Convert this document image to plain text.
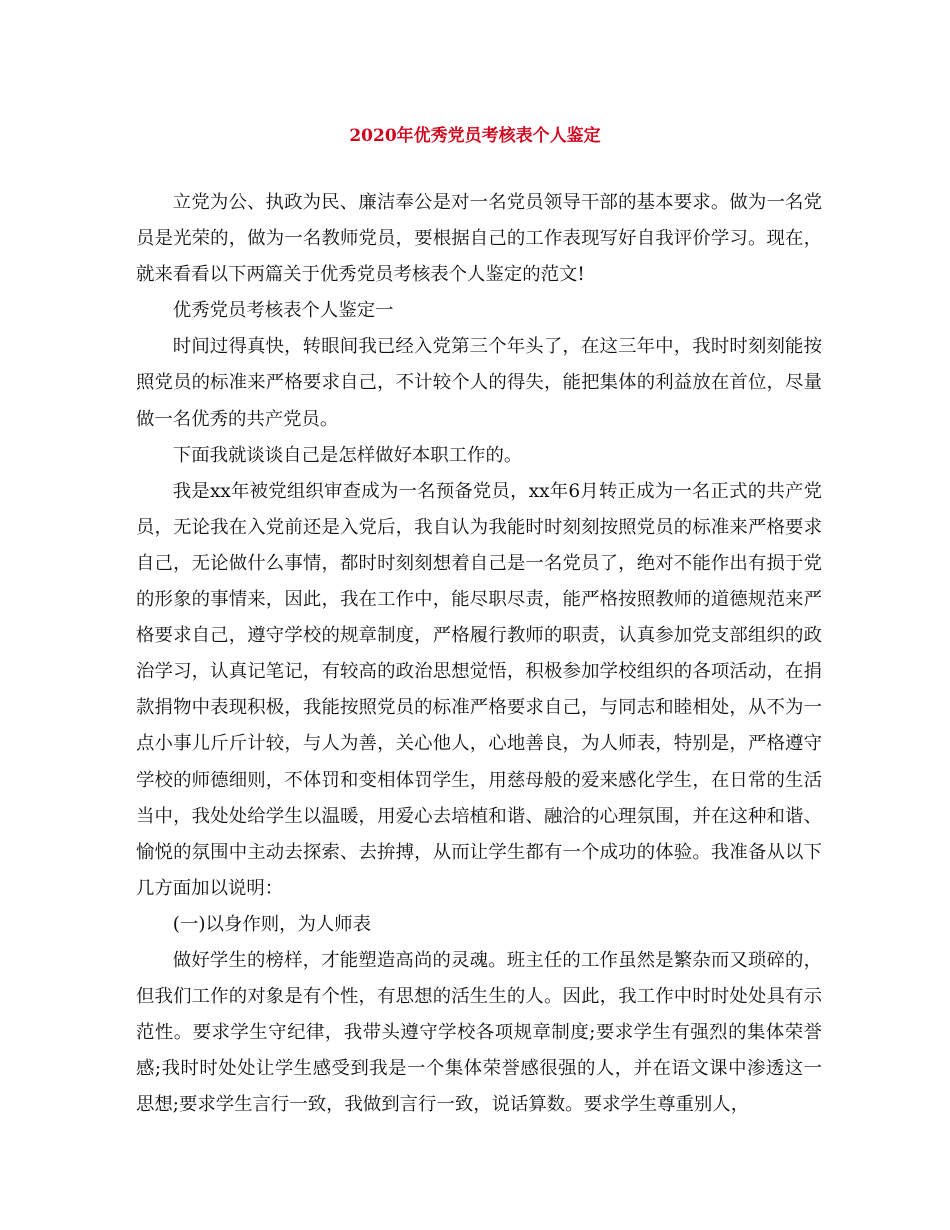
2020年优秀党员考核表个人鉴定

立党为公、执政为民、廉洁奉公是对一名党员领导干部的基本要求。做为一名党员是光荣的，做为一名教师党员，要根据自己的工作表现写好自我评价学习。现在，就来看看以下两篇关于优秀党员考核表个人鉴定的范文!

优秀党员考核表个人鉴定一

时间过得真快，转眼间我已经入党第三个年头了，在这三年中，我时时刻刻能按照党员的标准来严格要求自己，不计较个人的得失，能把集体的利益放在首位，尽量做一名优秀的共产党员。

下面我就谈谈自己是怎样做好本职工作的。

我是xx年被党组织审查成为一名预备党员，xx年6月转正成为一名正式的共产党员，无论我在入党前还是入党后，我自认为我能时时刻刻按照党员的标准来严格要求自己，无论做什么事情，都时时刻刻想着自己是一名党员了，绝对不能作出有损于党的形象的事情来，因此，我在工作中，能尽职尽责，能严格按照教师的道德规范来严格要求自己，遵守学校的规章制度，严格履行教师的职责，认真参加党支部组织的政治学习，认真记笔记，有较高的政治思想觉悟，积极参加学校组织的各项活动，在捐款捐物中表现积极，我能按照党员的标准严格要求自己，与同志和睦相处，从不为一点小事儿斤斤计较，与人为善，关心他人，心地善良，为人师表，特别是，严格遵守学校的师德细则，不体罚和变相体罚学生，用慈母般的爱来感化学生，在日常的生活当中，我处处给学生以温暖，用爱心去培植和谐、融洽的心理氛围，并在这种和谐、愉悦的氛围中主动去探索、去拚搏，从而让学生都有一个成功的体验。我准备从以下几方面加以说明：

(一)以身作则，为人师表

做好学生的榜样，才能塑造高尚的灵魂。班主任的工作虽然是繁杂而又琐碎的，但我们工作的对象是有个性，有思想的活生生的人。因此，我工作中时时处处具有示范性。要求学生守纪律，我带头遵守学校各项规章制度;要求学生有强烈的集体荣誉感;我时时处处让学生感受到我是一个集体荣誉感很强的人，并在语文课中渗透这一思想;要求学生言行一致，我做到言行一致，说话算数。要求学生尊重别人，
